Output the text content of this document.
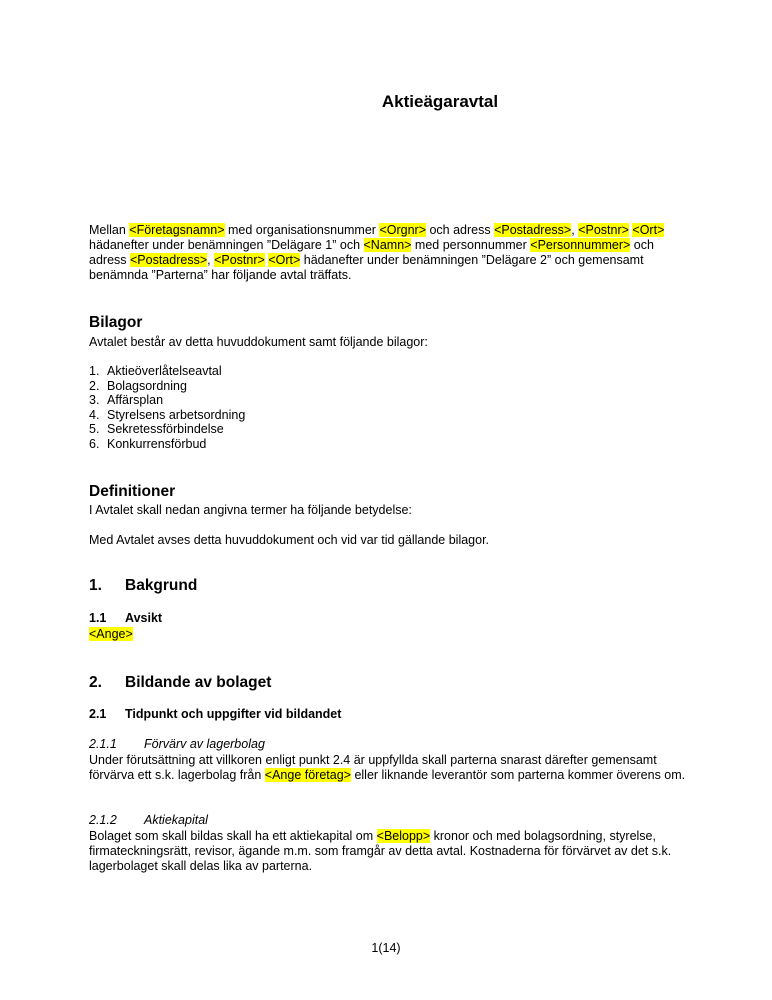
Aktieägaravtal
Mellan <Företagsnamn> med organisationsnummer <Orgnr> och adress <Postadress>, <Postnr> <Ort> hädanefter under benämningen ”Delägare 1” och <Namn> med personnummer <Personnummer> och adress <Postadress>, <Postnr> <Ort> hädanefter under benämningen ”Delägare 2” och gemensamt benämnda ”Parterna” har följande avtal träffats.
Bilagor
Avtalet består av detta huvuddokument samt följande bilagor:
1. Aktieöverlåtelseavtal
2. Bolagsordning
3. Affärsplan
4. Styrelsens arbetsordning
5. Sekretessförbindelse
6. Konkurrensförbud
Definitioner
I Avtalet skall nedan angivna termer ha följande betydelse:
Med Avtalet avses detta huvuddokument och vid var tid gällande bilagor.
1. Bakgrund
1.1 Avsikt
<Ange>
2. Bildande av bolaget
2.1 Tidpunkt och uppgifter vid bildandet
2.1.1 Förvärv av lagerbolag
Under förutsättning att villkoren enligt punkt 2.4 är uppfyllda skall parterna snarast därefter gemensamt förvärva ett s.k. lagerbolag från <Ange företag> eller liknande leverantör som parterna kommer överens om.
2.1.2 Aktiekapital
Bolaget som skall bildas skall ha ett aktiekapital om <Belopp> kronor och med bolagsordning, styrelse, firmateckningsrätt, revisor, ägande m.m. som framgår av detta avtal. Kostnaderna för förvärvet av det s.k. lagerbolaget skall delas lika av parterna.
1(14)
